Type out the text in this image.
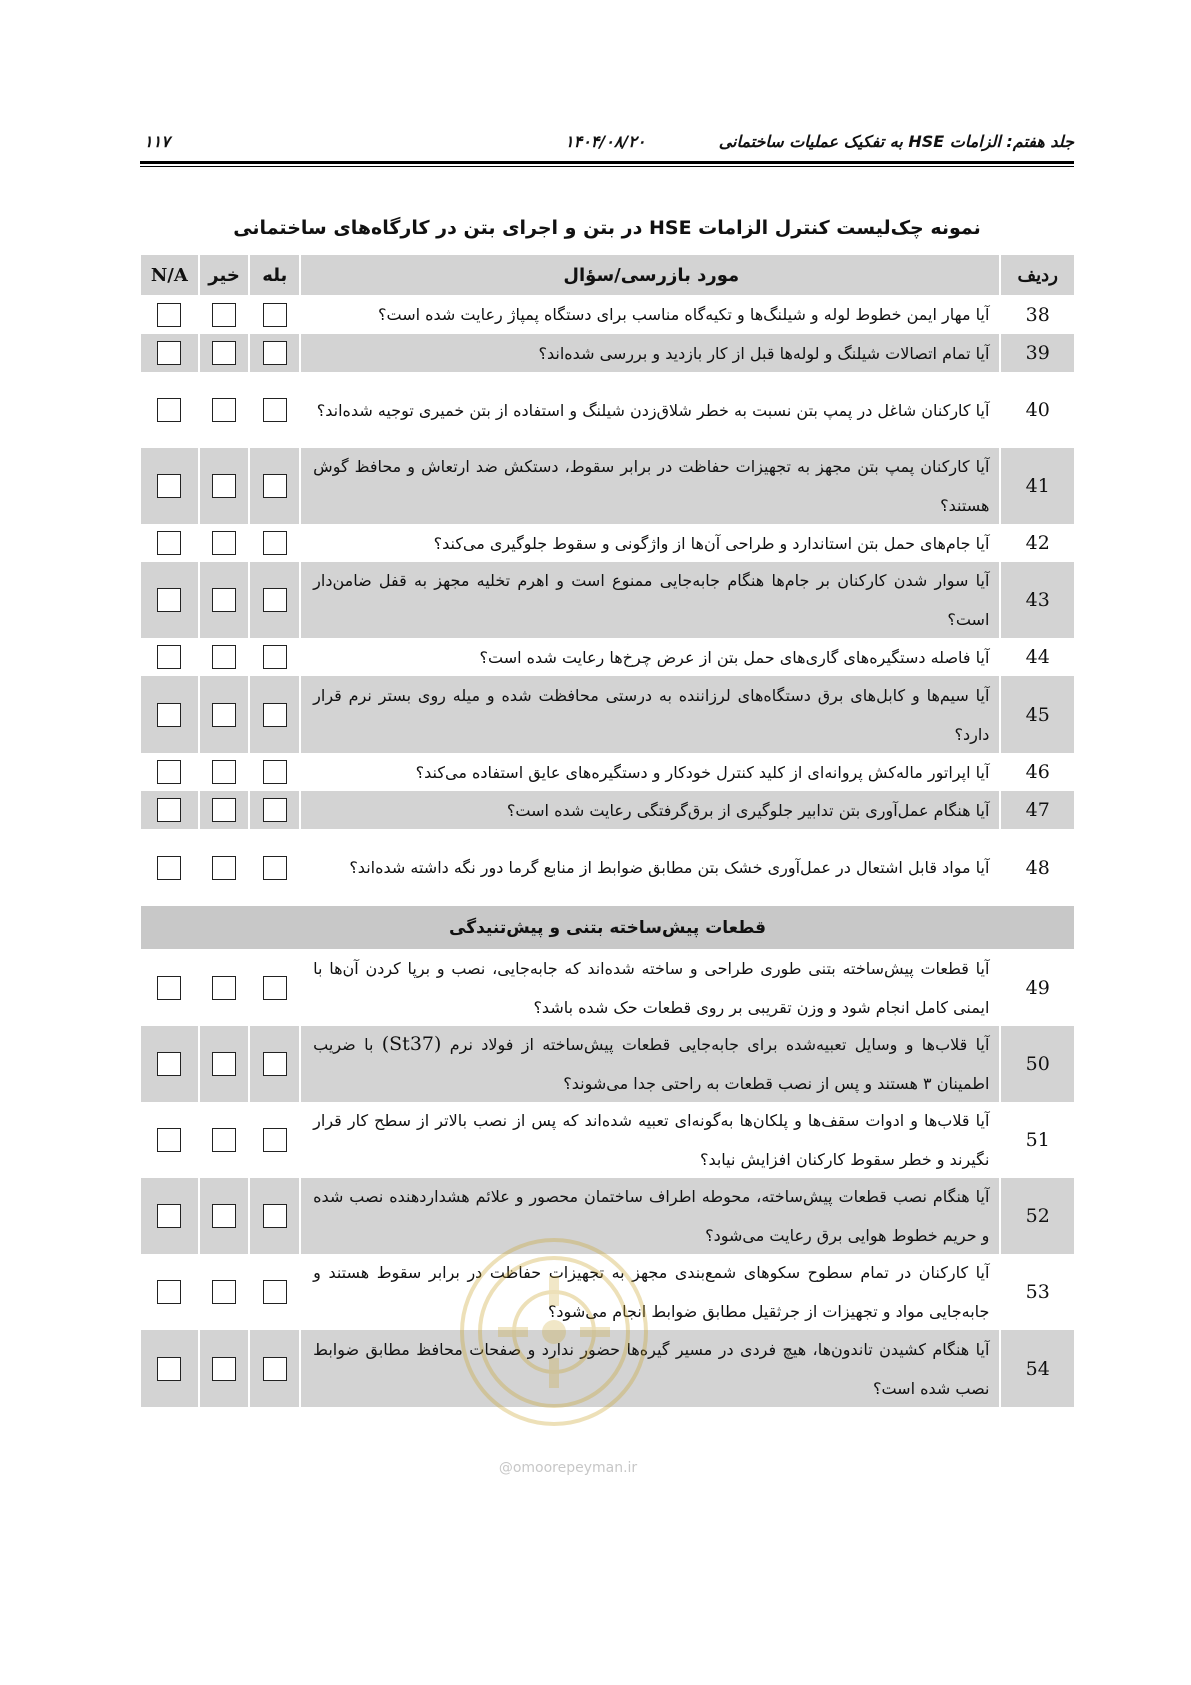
جلد هفتم: الزامات HSE به تفکیک عملیات ساختمانی
۱۴۰۴/۰۸/۲۰
۱۱۷
نمونه چک‌لیست کنترل الزامات HSE در بتن و اجرای بتن در کارگاه‌های ساختمانی
ردیف
مورد بازرسی/سؤال
بله
خیر
N/A
38
آیا مهار ایمن خطوط لوله و شیلنگ‌ها و تکیه‌گاه مناسب برای دستگاه پمپاژ رعایت شده است؟
39
آیا تمام اتصالات شیلنگ و لوله‌ها قبل از کار بازدید و بررسی شده‌اند؟
40
آیا کارکنان شاغل در پمپ بتن نسبت به خطر شلاق‌زدن شیلنگ و استفاده از بتن خمیری توجیه شده‌اند؟
41
آیا کارکنان پمپ بتن مجهز به تجهیزات حفاظت در برابر سقوط، دستکش ضد ارتعاش و محافظ گوش هستند؟
42
آیا جام‌های حمل بتن استاندارد و طراحی آن‌ها از واژگونی و سقوط جلوگیری می‌کند؟
43
آیا سوار شدن کارکنان بر جام‌ها هنگام جابه‌جایی ممنوع است و اهرم تخلیه مجهز به قفل ضامن‌دار است؟
44
آیا فاصله دستگیره‌های گاری‌های حمل بتن از عرض چرخ‌ها رعایت شده است؟
45
آیا سیم‌ها و کابل‌های برق دستگاه‌های لرزاننده به درستی محافظت شده و میله روی بستر نرم قرار دارد؟
46
آیا اپراتور ماله‌کش پروانه‌ای از کلید کنترل خودکار و دستگیره‌های عایق استفاده می‌کند؟
47
آیا هنگام عمل‌آوری بتن تدابیر جلوگیری از برق‌گرفتگی رعایت شده است؟
48
آیا مواد قابل اشتعال در عمل‌آوری خشک بتن مطابق ضوابط از منابع گرما دور نگه داشته شده‌اند؟
قطعات پیش‌ساخته بتنی و پیش‌تنیدگی
49
آیا قطعات پیش‌ساخته بتنی طوری طراحی و ساخته شده‌اند که جابه‌جایی، نصب و برپا کردن آن‌ها با ایمنی کامل انجام شود و وزن تقریبی بر روی قطعات حک شده باشد؟
50
آیا قلاب‌ها و وسایل تعبیه‌شده برای جابه‌جایی قطعات پیش‌ساخته از فولاد نرم (St37) با ضریب اطمینان ۳ هستند و پس از نصب قطعات به راحتی جدا می‌شوند؟
51
آیا قلاب‌ها و ادوات سقف‌ها و پلکان‌ها به‌گونه‌ای تعبیه شده‌اند که پس از نصب بالاتر از سطح کار قرار نگیرند و خطر سقوط کارکنان افزایش نیابد؟
52
آیا هنگام نصب قطعات پیش‌ساخته، محوطه اطراف ساختمان محصور و علائم هشداردهنده نصب شده و حریم خطوط هوایی برق رعایت می‌شود؟
53
آیا کارکنان در تمام سطوح سکوهای شمع‌بندی مجهز به تجهیزات حفاظت در برابر سقوط هستند و جابه‌جایی مواد و تجهیزات از جرثقیل مطابق ضوابط انجام می‌شود؟
54
آیا هنگام کشیدن تاندون‌ها، هیچ فردی در مسیر گیره‌ها حضور ندارد و صفحات محافظ مطابق ضوابط نصب شده است؟
@omoorepeyman.ir
